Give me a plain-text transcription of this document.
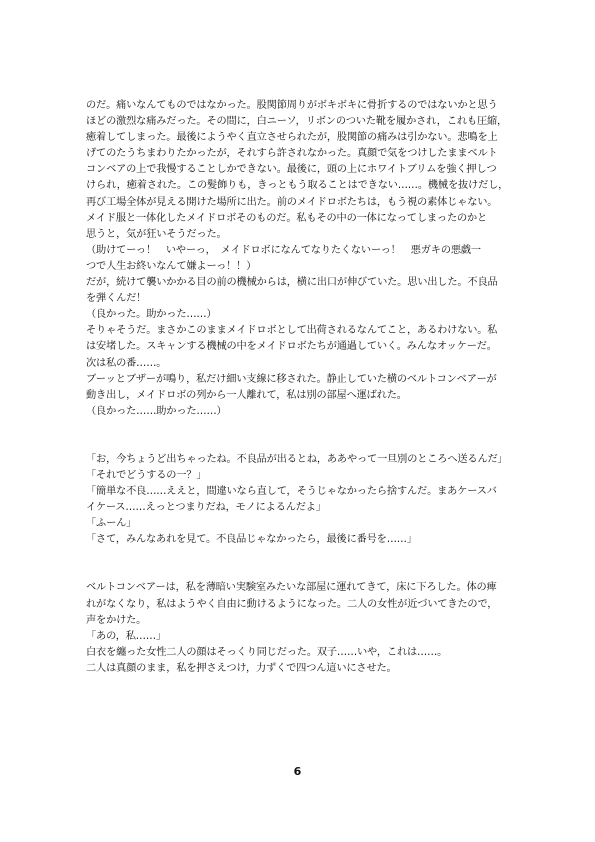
のだ。痛いなんてものではなかった。股関節周りがボキボキに骨折するのではないかと思う
ほどの激烈な痛みだった。その間に，白ニーソ，リボンのついた靴を履かされ，これも圧縮，
癒着してしまった。最後にようやく直立させられたが，股関節の痛みは引かない。悲鳴を上
げてのたうちまわりたかったが，それすら許されなかった。真顔で気をつけしたままベルト
コンベアの上で我慢することしかできない。最後に，頭の上にホワイトブリムを強く押しつ
けられ，癒着された。この髪飾りも，きっともう取ることはできない……。機械を抜けだし，
再び工場全体が見える開けた場所に出た。前のメイドロボたちは，もう視の素体じゃない。
メイド服と一体化したメイドロボそのものだ。私もその中の一体になってしまったのかと
思うと，気が狂いそうだった。
（助けてーっ！　いやーっ，　メイドロボになんてなりたくないーっ！　悪ガキの悪戯一
つで人生お終いなんて嫌よーっ！！）
だが，続けて襲いかかる目の前の機械からは，横に出口が伸びていた。思い出した。不良品
を弾くんだ！
（良かった。助かった……）
そりゃそうだ。まさかこのままメイドロボとして出荷されるなんてこと，あるわけない。私
は安堵した。スキャンする機械の中をメイドロボたちが通過していく。みんなオッケーだ。
次は私の番……。
ブーッとブザーが鳴り，私だけ細い支線に移された。静止していた横のベルトコンベアーが
動き出し，メイドロボの列から一人離れて，私は別の部屋へ運ばれた。
（良かった……助かった……）
「お，今ちょうど出ちゃったね。不良品が出るとね，ああやって一旦別のところへ送るんだ」
「それでどうするの一？」
「簡単な不良……ええと，間違いなら直して，そうじゃなかったら捨すんだ。まあケースバ
イケース……えっとつまりだね，モノによるんだよ」
「ふーん」
「さて，みんなあれを見て。不良品じゃなかったら，最後に番号を……」
ベルトコンベアーは，私を薄暗い実験室みたいな部屋に運れてきて，床に下ろした。体の痺
れがなくなり，私はようやく自由に動けるようになった。二人の女性が近づいてきたので，
声をかけた。
「あの，私……」
白衣を纏った女性二人の顔はそっくり同じだった。双子……いや，これは……。
二人は真顔のまま，私を押さえつけ，力ずくで四つん這いにさせた。
6
